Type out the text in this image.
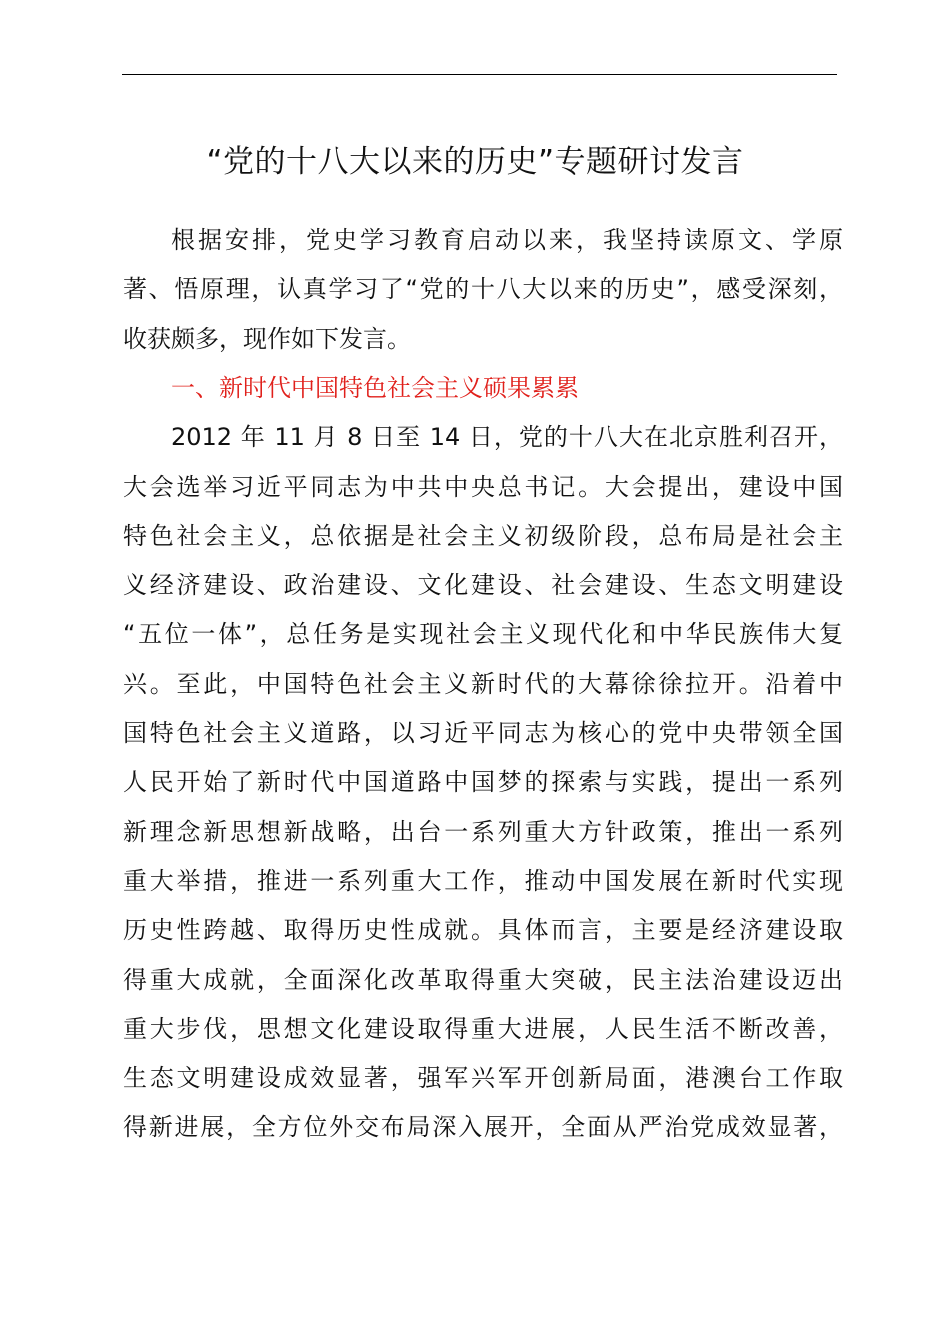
“党的十八大以来的历史”专题研讨发言
根据安排，党史学习教育启动以来，我坚持读原文、学原
著、悟原理，认真学习了“党的十八大以来的历史”，感受深刻，
收获颇多，现作如下发言。
一、新时代中国特色社会主义硕果累累
2012 年 11 月 8 日至 14 日，党的十八大在北京胜利召开，
大会选举习近平同志为中共中央总书记。大会提出，建设中国
特色社会主义，总依据是社会主义初级阶段，总布局是社会主
义经济建设、政治建设、文化建设、社会建设、生态文明建设
“五位一体”，总任务是实现社会主义现代化和中华民族伟大复
兴。至此，中国特色社会主义新时代的大幕徐徐拉开。沿着中
国特色社会主义道路，以习近平同志为核心的党中央带领全国
人民开始了新时代中国道路中国梦的探索与实践，提出一系列
新理念新思想新战略，出台一系列重大方针政策，推出一系列
重大举措，推进一系列重大工作，推动中国发展在新时代实现
历史性跨越、取得历史性成就。具体而言，主要是经济建设取
得重大成就，全面深化改革取得重大突破，民主法治建设迈出
重大步伐，思想文化建设取得重大进展，人民生活不断改善，
生态文明建设成效显著，强军兴军开创新局面，港澳台工作取
得新进展，全方位外交布局深入展开，全面从严治党成效显著，
